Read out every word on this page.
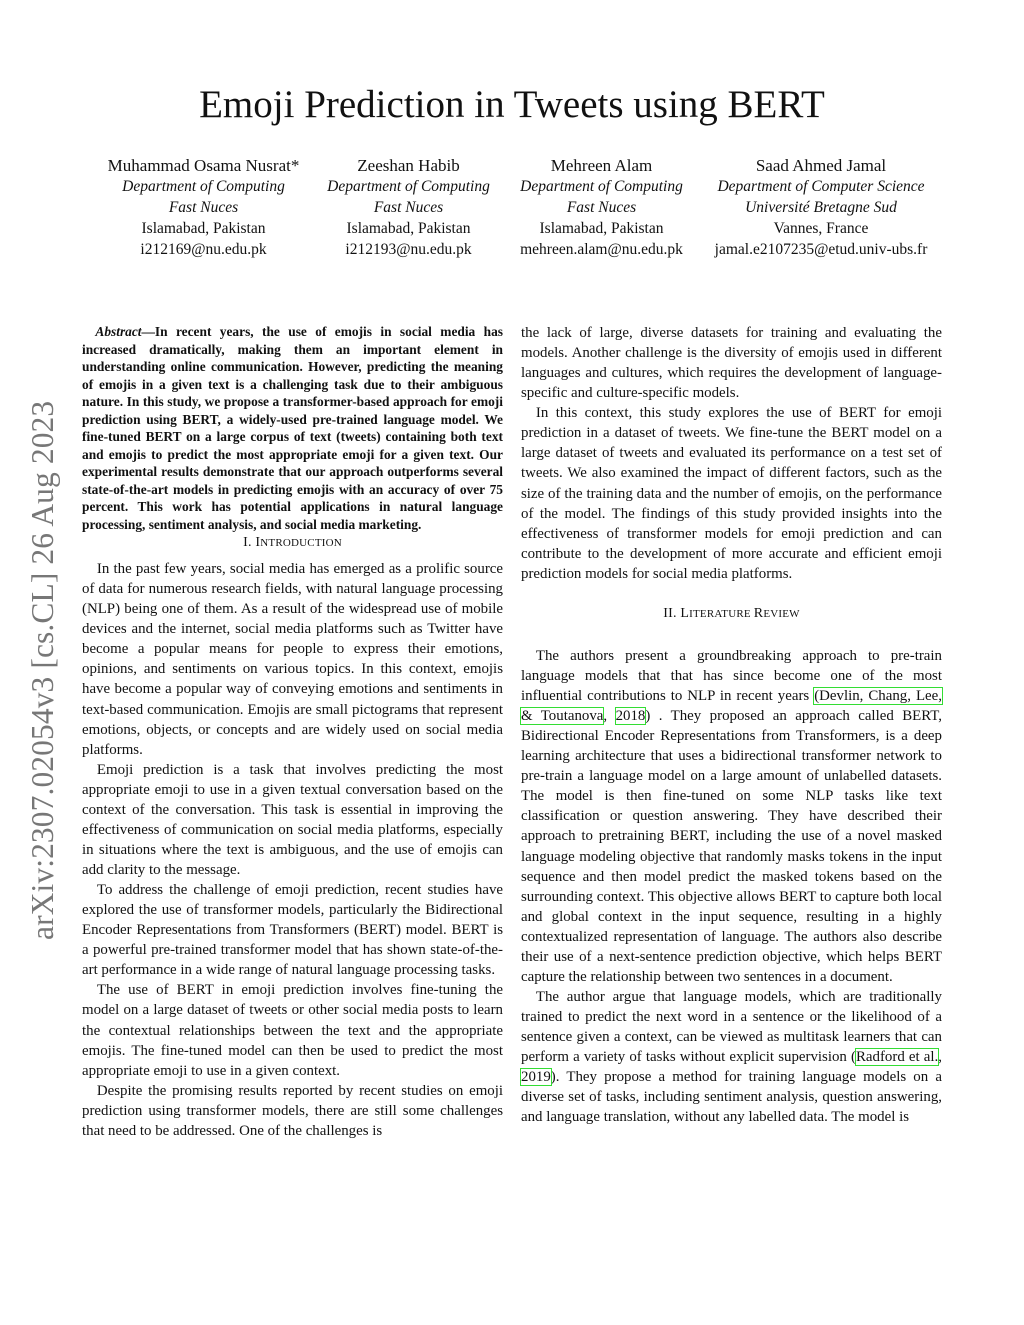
Emoji Prediction in Tweets using BERT
Muhammad Osama Nusrat*
Department of Computing
Fast Nuces
Islamabad, Pakistan
i212169@nu.edu.pk
Zeeshan Habib
Department of Computing
Fast Nuces
Islamabad, Pakistan
i212193@nu.edu.pk
Mehreen Alam
Department of Computing
Fast Nuces
Islamabad, Pakistan
mehreen.alam@nu.edu.pk
Saad Ahmed Jamal
Department of Computer Science
Université Bretagne Sud
Vannes, France
jamal.e2107235@etud.univ-ubs.fr
arXiv:2307.02054v3 [cs.CL] 26 Aug 2023

Abstract—In recent years, the use of emojis in social media has increased dramatically, making them an important element in understanding online communication. However, predicting the meaning of emojis in a given text is a challenging task due to their ambiguous nature. In this study, we propose a transformer-based approach for emoji prediction using BERT, a widely-used pre-trained language model. We fine-tuned BERT on a large corpus of text (tweets) containing both text and emojis to predict the most appropriate emoji for a given text. Our experimental results demonstrate that our approach outperforms several state-of-the-art models in predicting emojis with an accuracy of over 75 percent. This work has potential applications in natural language processing, sentiment analysis, and social media marketing.

I. INTRODUCTION

In the past few years, social media has emerged as a prolific source of data for numerous research fields, with natural language processing (NLP) being one of them. As a result of the widespread use of mobile devices and the internet, social media platforms such as Twitter have become a popular means for people to express their emotions, opinions, and sentiments on various topics. In this context, emojis have become a popular way of conveying emotions and sentiments in text-based communication. Emojis are small pictograms that represent emotions, objects, or concepts and are widely used on social media platforms.

Emoji prediction is a task that involves predicting the most appropriate emoji to use in a given textual conversation based on the context of the conversation. This task is essential in improving the effectiveness of communication on social media platforms, especially in situations where the text is ambiguous, and the use of emojis can add clarity to the message.

To address the challenge of emoji prediction, recent studies have explored the use of transformer models, particularly the Bidirectional Encoder Representations from Transformers (BERT) model. BERT is a powerful pre-trained transformer model that has shown state-of-the-art performance in a wide range of natural language processing tasks.

The use of BERT in emoji prediction involves fine-tuning the model on a large dataset of tweets or other social media posts to learn the contextual relationships between the text and the appropriate emojis. The fine-tuned model can then be used to predict the most appropriate emoji to use in a given context.

Despite the promising results reported by recent studies on emoji prediction using transformer models, there are still some challenges that need to be addressed. One of the challenges is

the lack of large, diverse datasets for training and evaluating the models. Another challenge is the diversity of emojis used in different languages and cultures, which requires the development of language-specific and culture-specific models.

In this context, this study explores the use of BERT for emoji prediction in a dataset of tweets. We fine-tune the BERT model on a large dataset of tweets and evaluated its performance on a test set of tweets. We also examined the impact of different factors, such as the size of the training data and the number of emojis, on the performance of the model. The findings of this study provided insights into the effectiveness of transformer models for emoji prediction and can contribute to the development of more accurate and efficient emoji prediction models for social media platforms.

II. LITERATURE REVIEW

The authors present a groundbreaking approach to pre-train language models that that has since become one of the most influential contributions to NLP in recent years (Devlin, Chang, Lee, & Toutanova, 2018) . They proposed an approach called BERT, Bidirectional Encoder Representations from Transformers, is a deep learning architecture that uses a bidirectional transformer network to pre-train a language model on a large amount of unlabelled datasets. The model is then fine-tuned on some NLP tasks like text classification or question answering. They have described their approach to pretraining BERT, including the use of a novel masked language modeling objective that randomly masks tokens in the input sequence and then model predict the masked tokens based on the surrounding context. This objective allows BERT to capture both local and global context in the input sequence, resulting in a highly contextualized representation of language. The authors also describe their use of a next-sentence prediction objective, which helps BERT capture the relationship between two sentences in a document.

The author argue that language models, which are traditionally trained to predict the next word in a sentence or the likelihood of a sentence given a context, can be viewed as multitask learners that can perform a variety of tasks without explicit supervision (Radford et al., 2019). They propose a method for training language models on a diverse set of tasks, including sentiment analysis, question answering, and language translation, without any labelled data. The model is
